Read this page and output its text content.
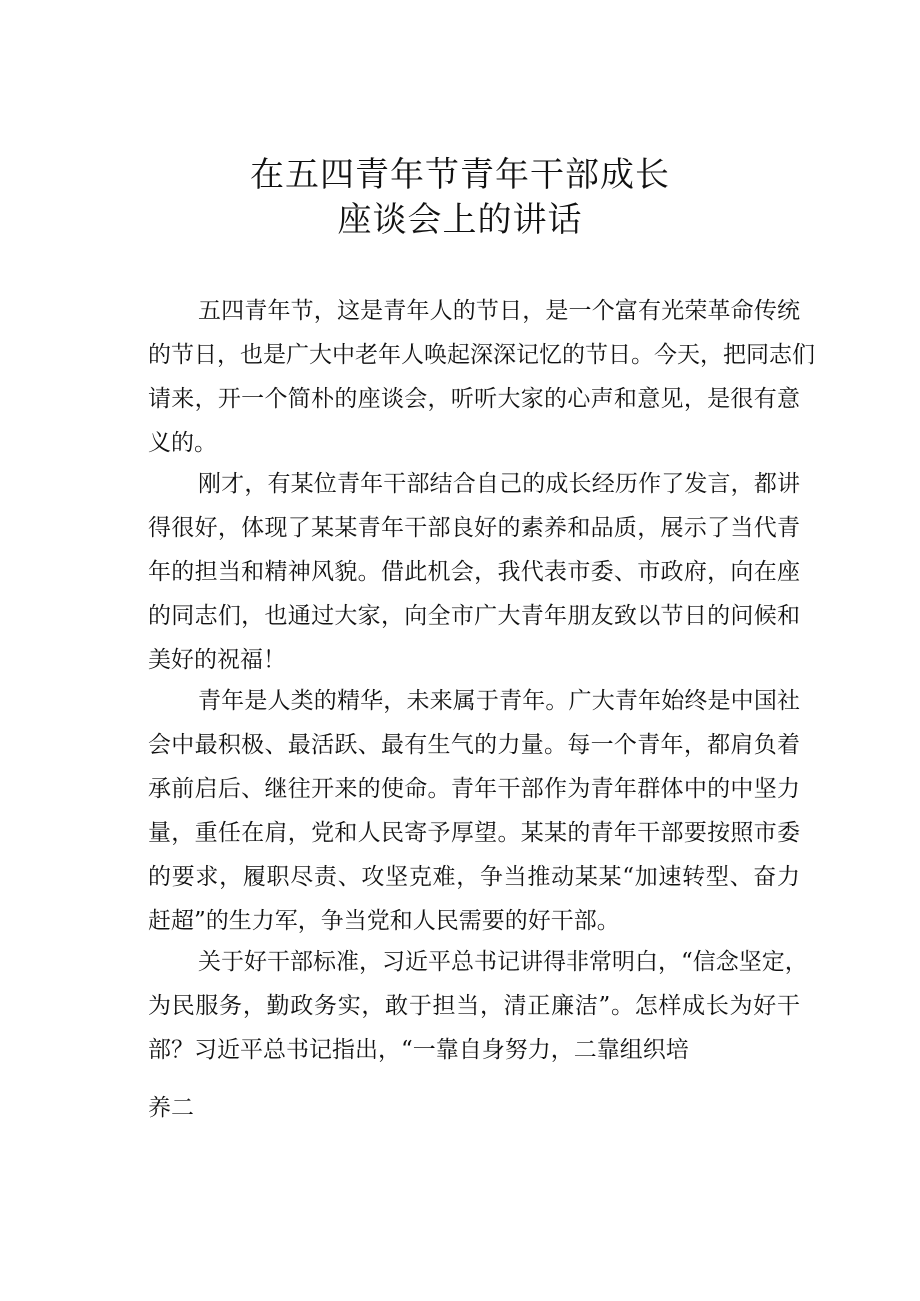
在五四青年节青年干部成长
座谈会上的讲话

五四青年节，这是青年人的节日，是一个富有光荣革命传统

的节日，也是广大中老年人唤起深深记忆的节日。今天，把同志们

请来，开一个简朴的座谈会，听听大家的心声和意见，是很有意

义的。

刚才，有某位青年干部结合自己的成长经历作了发言，都讲

得很好，体现了某某青年干部良好的素养和品质，展示了当代青

年的担当和精神风貌。借此机会，我代表市委、市政府，向在座

的同志们，也通过大家，向全市广大青年朋友致以节日的问候和

美好的祝福！

青年是人类的精华，未来属于青年。广大青年始终是中国社

会中最积极、最活跃、最有生气的力量。每一个青年，都肩负着

承前启后、继往开来的使命。青年干部作为青年群体中的中坚力

量，重任在肩，党和人民寄予厚望。某某的青年干部要按照市委

的要求，履职尽责、攻坚克难，争当推动某某“加速转型、奋力

赶超”的生力军，争当党和人民需要的好干部。

关于好干部标准，习近平总书记讲得非常明白，“信念坚定，

为民服务，勤政务实，敢于担当，清正廉洁”。怎样成长为好干

部？习近平总书记指出，“一靠自身努力，二靠组织培

养二
